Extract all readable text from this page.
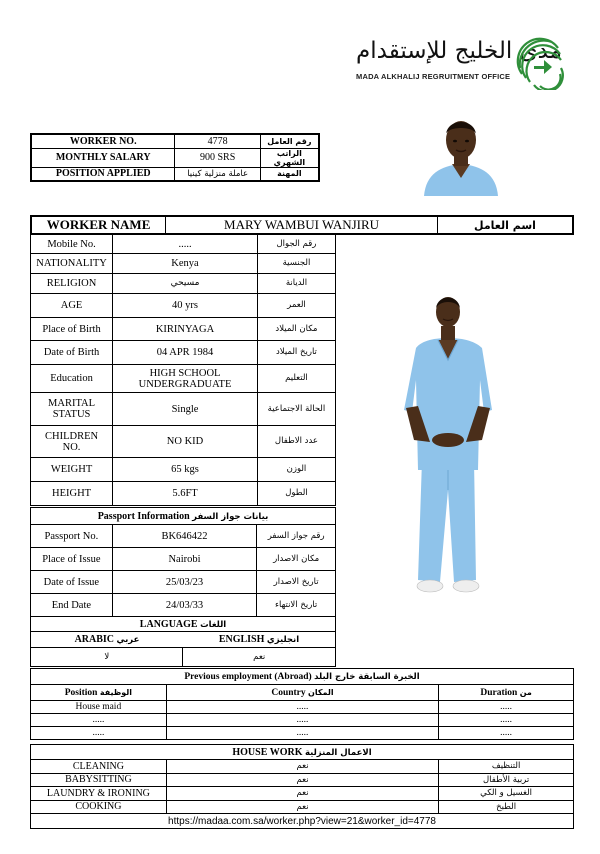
مدى الخليج للإستقدام
MADA ALKHALIJ REGRUITMENT OFFICE
WORKER NO.	4778	رقم العامل
MONTHLY SALARY	900 SRS	الراتب الشهري
POSITION APPLIED	عاملة منزلية كينيا	المهنة
WORKER NAME	MARY WAMBUI WANJIRU	اسم العامل
Mobile No.	.....	رقم الجوال
NATIONALITY	Kenya	الجنسية
RELIGION	مسيحي	الديانة
AGE	40 yrs	العمر
Place of Birth	KIRINYAGA	مكان الميلاد
Date of Birth	04 APR 1984	تاريخ الميلاد
Education	HIGH SCHOOL UNDERGRADUATE	التعليم
MARITAL STATUS	Single	الحالة الاجتماعية
CHILDREN NO.	NO KID	عدد الاطفال
WEIGHT	65 kgs	الوزن
HEIGHT	5.6FT	الطول
Passport Information بيانات جواز السفر		
Passport No.	BK646422	رقم جواز السفر
Place of Issue	Nairobi	مكان الاصدار
Date of Issue	25/03/23	تاريخ الاصدار
End Date	24/03/33	تاريخ الانتهاء
LANGUAGE اللغات	
ARABIC عربي	ENGLISH انجليزي
لا	نعم
Previous employment (Abroad) الخبرة السابقة خارج البلد		
Position الوظيفة	Country المكان	Duration من
House maid	.....	.....
.....	.....	.....
.....	.....	.....
HOUSE WORK الاعمال المنزلية		
CLEANING	نعم	التنظيف
BABYSITTING	نعم	تربية الأطفال
LAUNDRY & IRONING	نعم	الغسيل و الكي
COOKING	نعم	الطبخ
https://madaa.com.sa/worker.php?view=21&worker_id=4778		
